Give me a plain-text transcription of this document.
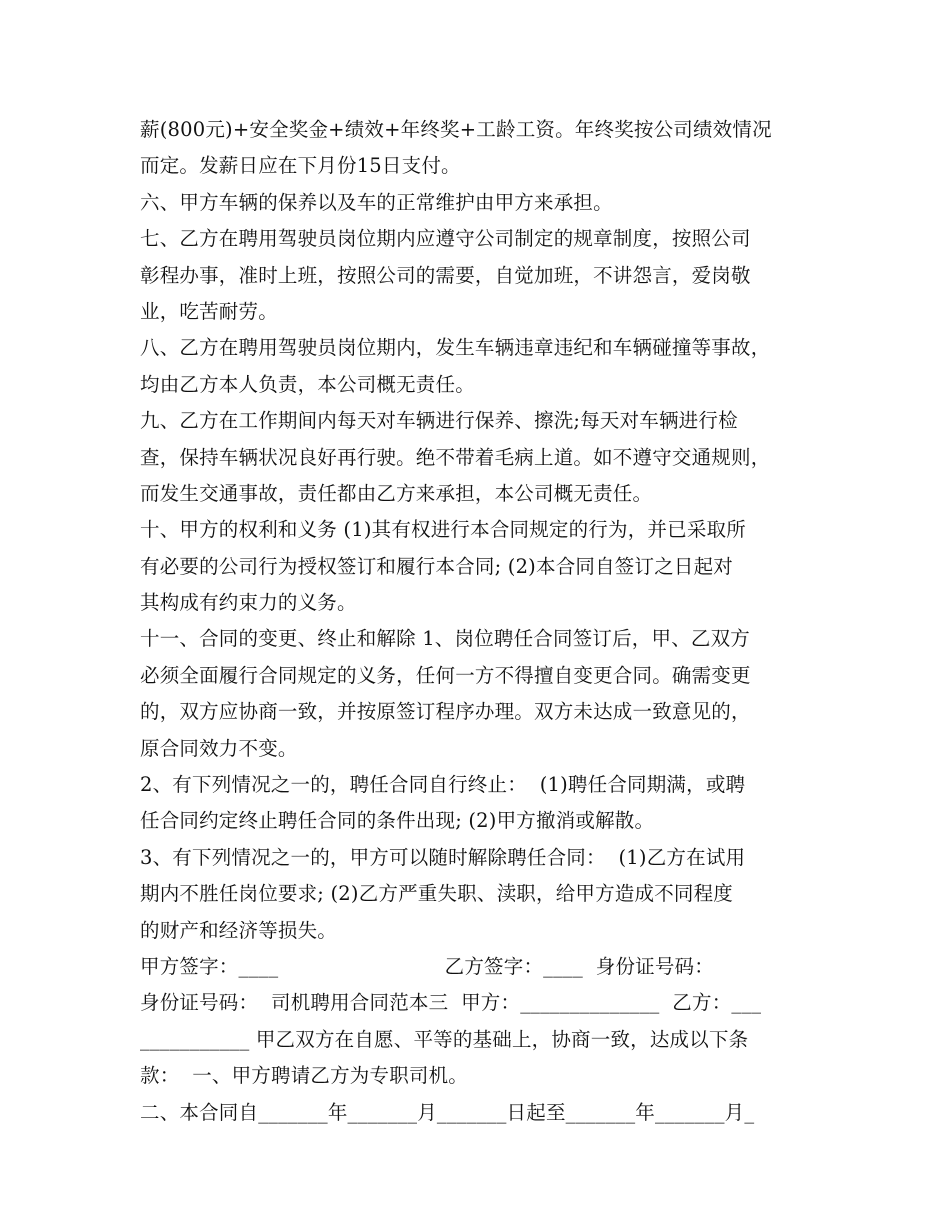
薪(800元)+安全奖金+绩效+年终奖+工龄工资。年终奖按公司绩效情况
而定。发薪日应在下月份15日支付。
六、甲方车辆的保养以及车的正常维护由甲方来承担。
七、乙方在聘用驾驶员岗位期内应遵守公司制定的规章制度，按照公司
彰程办事，准时上班，按照公司的需要，自觉加班，不讲怨言，爱岗敬
业，吃苦耐劳。
八、乙方在聘用驾驶员岗位期内，发生车辆违章违纪和车辆碰撞等事故，
均由乙方本人负责，本公司概无责任。
九、乙方在工作期间内每天对车辆进行保养、擦洗;每天对车辆进行检
查，保持车辆状况良好再行驶。绝不带着毛病上道。如不遵守交通规则，
而发生交通事故，责任都由乙方来承担，本公司概无责任。
十、甲方的权利和义务 (1)其有权进行本合同规定的行为，并已采取所
有必要的公司行为授权签订和履行本合同; (2)本合同自签订之日起对
其构成有约束力的义务。
十一、合同的变更、终止和解除 1、岗位聘任合同签订后，甲、乙双方
必须全面履行合同规定的义务，任何一方不得擅自变更合同。确需变更
的，双方应协商一致，并按原签订程序办理。双方未达成一致意见的，
原合同效力不变。
2、有下列情况之一的，聘任合同自行终止：  (1)聘任合同期满，或聘
任合同约定终止聘任合同的条件出现; (2)甲方撤消或解散。
3、有下列情况之一的，甲方可以随时解除聘任合同：  (1)乙方在试用
期内不胜任岗位要求; (2)乙方严重失职、渎职，给甲方造成不同程度
的财产和经济等损失。
甲方签字：____                          乙方签字：____  身份证号码：
身份证号码：  司机聘用合同范本三  甲方：______________  乙方：___
___________ 甲乙双方在自愿、平等的基础上，协商一致，达成以下条
款：  一、甲方聘请乙方为专职司机。
二、本合同自_______年_______月_______日起至_______年_______月_
